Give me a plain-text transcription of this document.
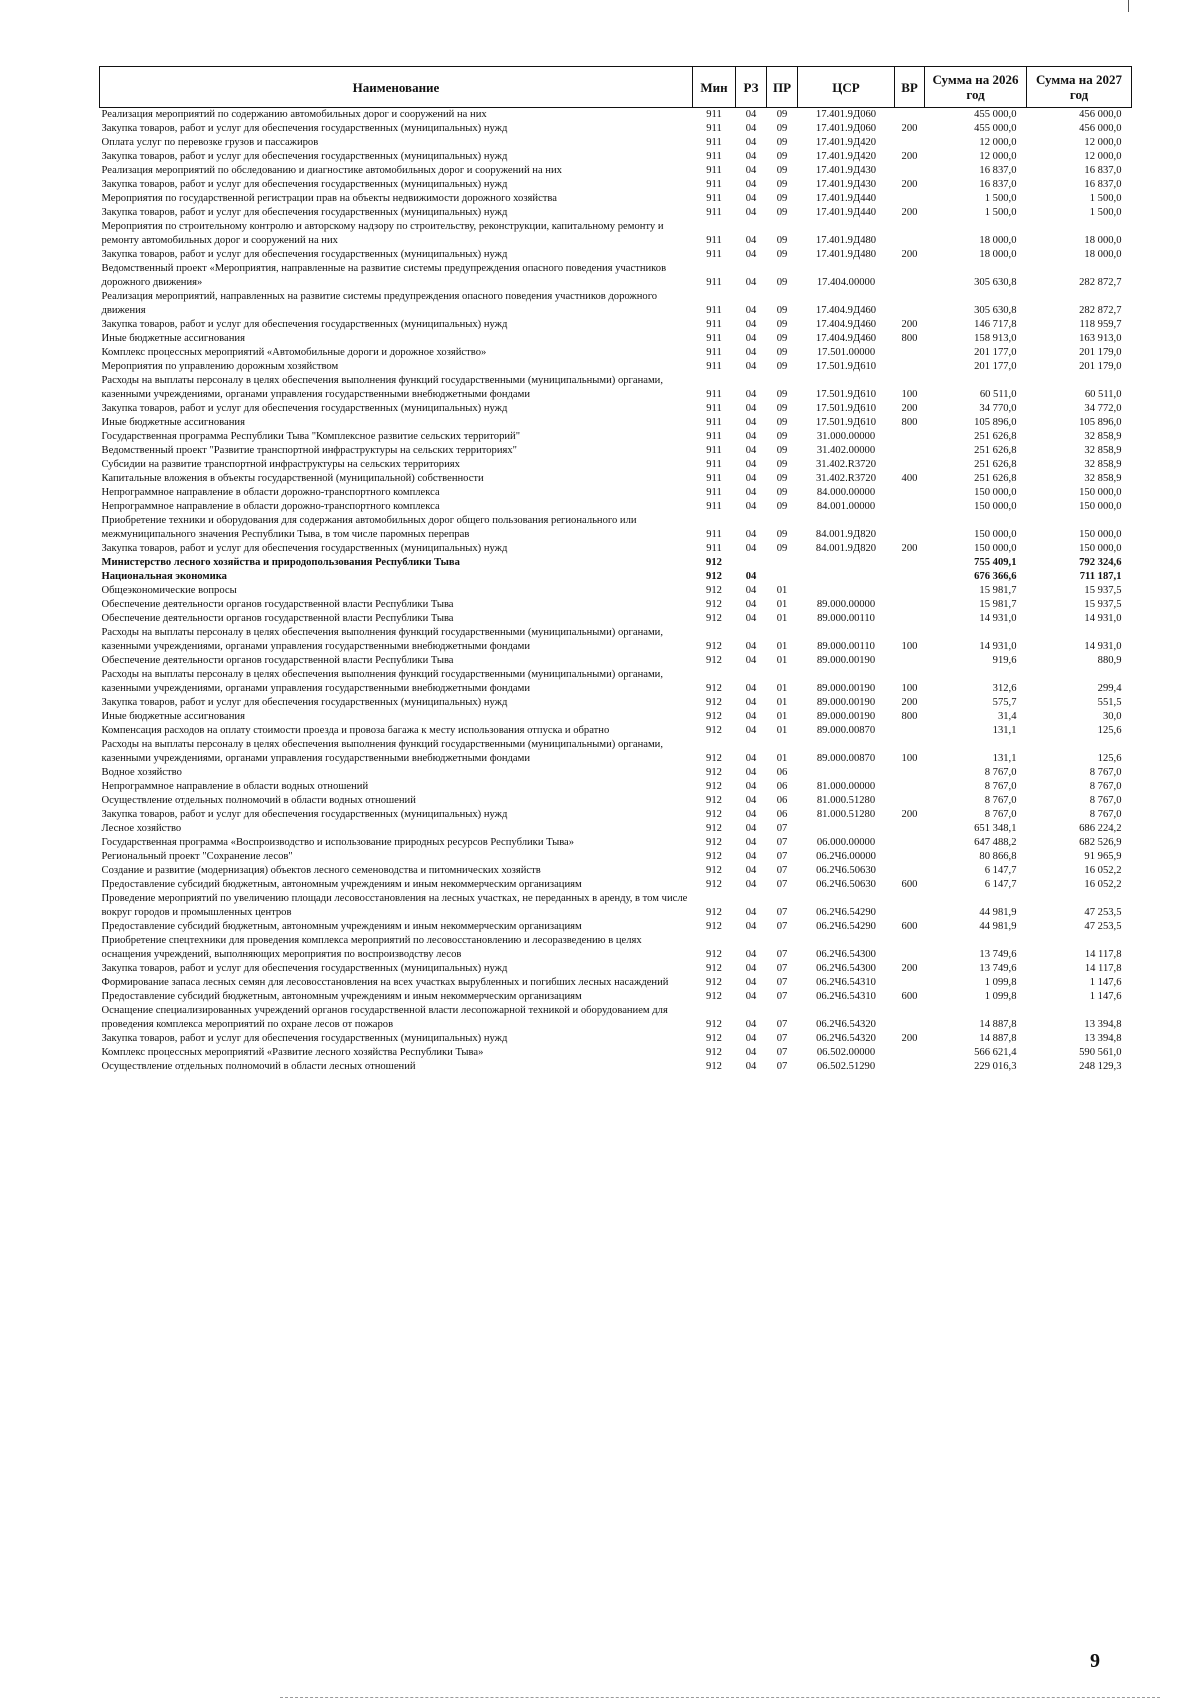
Наименование	Мин	РЗ	ПР	ЦСР	ВР	Сумма на 2026 год	Сумма на 2027 год
Реализация мероприятий по содержанию автомобильных дорог и сооружений на них	911	04	09	17.401.9Д060		455 000,0	456 000,0
Закупка товаров, работ и услуг для обеспечения государственных (муниципальных) нужд	911	04	09	17.401.9Д060	200	455 000,0	456 000,0
Оплата услуг по перевозке грузов и пассажиров	911	04	09	17.401.9Д420		12 000,0	12 000,0
Закупка товаров, работ и услуг для обеспечения государственных (муниципальных) нужд	911	04	09	17.401.9Д420	200	12 000,0	12 000,0
Реализация мероприятий по обследованию и диагностике автомобильных дорог и сооружений на них	911	04	09	17.401.9Д430		16 837,0	16 837,0
Закупка товаров, работ и услуг для обеспечения государственных (муниципальных) нужд	911	04	09	17.401.9Д430	200	16 837,0	16 837,0
Мероприятия по государственной регистрации прав на объекты недвижимости дорожного хозяйства	911	04	09	17.401.9Д440		1 500,0	1 500,0
Закупка товаров, работ и услуг для обеспечения государственных (муниципальных) нужд	911	04	09	17.401.9Д440	200	1 500,0	1 500,0
Мероприятия по строительному контролю и авторскому надзору по строительству, реконструкции, капитальному ремонту и ремонту автомобильных дорог и сооружений на них	911	04	09	17.401.9Д480		18 000,0	18 000,0
Закупка товаров, работ и услуг для обеспечения государственных (муниципальных) нужд	911	04	09	17.401.9Д480	200	18 000,0	18 000,0
Ведомственный проект «Мероприятия, направленные на развитие системы предупреждения опасного поведения участников дорожного движения»	911	04	09	17.404.00000		305 630,8	282 872,7
Реализация мероприятий, направленных на развитие системы предупреждения опасного поведения участников дорожного движения	911	04	09	17.404.9Д460		305 630,8	282 872,7
Закупка товаров, работ и услуг для обеспечения государственных (муниципальных) нужд	911	04	09	17.404.9Д460	200	146 717,8	118 959,7
Иные бюджетные ассигнования	911	04	09	17.404.9Д460	800	158 913,0	163 913,0
Комплекс процессных мероприятий «Автомобильные дороги и дорожное хозяйство»	911	04	09	17.501.00000		201 177,0	201 179,0
Мероприятия по управлению дорожным хозяйством	911	04	09	17.501.9Д610		201 177,0	201 179,0
Расходы на выплаты персоналу в целях обеспечения выполнения функций государственными (муниципальными) органами, казенными учреждениями, органами управления государственными внебюджетными фондами	911	04	09	17.501.9Д610	100	60 511,0	60 511,0
Закупка товаров, работ и услуг для обеспечения государственных (муниципальных) нужд	911	04	09	17.501.9Д610	200	34 770,0	34 772,0
Иные бюджетные ассигнования	911	04	09	17.501.9Д610	800	105 896,0	105 896,0
Государственная программа Республики Тыва "Комплексное развитие сельских территорий"	911	04	09	31.000.00000		251 626,8	32 858,9
Ведомственный проект "Развитие транспортной инфраструктуры на сельских территориях"	911	04	09	31.402.00000		251 626,8	32 858,9
Субсидии на развитие транспортной инфраструктуры на сельских территориях	911	04	09	31.402.R3720		251 626,8	32 858,9
Капитальные вложения в объекты государственной (муниципальной) собственности	911	04	09	31.402.R3720	400	251 626,8	32 858,9
Непрограммное направление в области дорожно-транспортного комплекса	911	04	09	84.000.00000		150 000,0	150 000,0
Непрограммное направление в области дорожно-транспортного комплекса	911	04	09	84.001.00000		150 000,0	150 000,0
Приобретение техники и оборудования для содержания автомобильных дорог общего пользования регионального или межмуниципального значения Республики Тыва, в том числе паромных переправ	911	04	09	84.001.9Д820		150 000,0	150 000,0
Закупка товаров, работ и услуг для обеспечения государственных (муниципальных) нужд	911	04	09	84.001.9Д820	200	150 000,0	150 000,0
Министерство лесного хозяйства и природопользования Республики Тыва	912					755 409,1	792 324,6
Национальная экономика	912	04				676 366,6	711 187,1
Общеэкономические вопросы	912	04	01			15 981,7	15 937,5
Обеспечение деятельности органов государственной власти Республики Тыва	912	04	01	89.000.00000		15 981,7	15 937,5
Обеспечение деятельности органов государственной власти Республики Тыва	912	04	01	89.000.00110		14 931,0	14 931,0
Расходы на выплаты персоналу в целях обеспечения выполнения функций государственными (муниципальными) органами, казенными учреждениями, органами управления государственными внебюджетными фондами	912	04	01	89.000.00110	100	14 931,0	14 931,0
Обеспечение деятельности органов государственной власти Республики Тыва	912	04	01	89.000.00190		919,6	880,9
Расходы на выплаты персоналу в целях обеспечения выполнения функций государственными (муниципальными) органами, казенными учреждениями, органами управления государственными внебюджетными фондами	912	04	01	89.000.00190	100	312,6	299,4
Закупка товаров, работ и услуг для обеспечения государственных (муниципальных) нужд	912	04	01	89.000.00190	200	575,7	551,5
Иные бюджетные ассигнования	912	04	01	89.000.00190	800	31,4	30,0
Компенсация расходов на оплату стоимости проезда и провоза багажа к месту использования отпуска и обратно	912	04	01	89.000.00870		131,1	125,6
Расходы на выплаты персоналу в целях обеспечения выполнения функций государственными (муниципальными) органами, казенными учреждениями, органами управления государственными внебюджетными фондами	912	04	01	89.000.00870	100	131,1	125,6
Водное хозяйство	912	04	06			8 767,0	8 767,0
Непрограммное направление в области водных отношений	912	04	06	81.000.00000		8 767,0	8 767,0
Осуществление отдельных полномочий в области водных отношений	912	04	06	81.000.51280		8 767,0	8 767,0
Закупка товаров, работ и услуг для обеспечения государственных (муниципальных) нужд	912	04	06	81.000.51280	200	8 767,0	8 767,0
Лесное хозяйство	912	04	07			651 348,1	686 224,2
Государственная программа «Воспроизводство и использование природных ресурсов Республики Тыва»	912	04	07	06.000.00000		647 488,2	682 526,9
Региональный проект "Сохранение лесов"	912	04	07	06.2Ч6.00000		80 866,8	91 965,9
Создание и развитие (модернизация) объектов лесного семеноводства и питомнических хозяйств	912	04	07	06.2Ч6.50630		6 147,7	16 052,2
Предоставление субсидий бюджетным, автономным учреждениям и иным некоммерческим организациям	912	04	07	06.2Ч6.50630	600	6 147,7	16 052,2
Проведение мероприятий по увеличению площади лесовосстановления на лесных участках, не переданных в аренду, в том числе вокруг городов и промышленных центров	912	04	07	06.2Ч6.54290		44 981,9	47 253,5
Предоставление субсидий бюджетным, автономным учреждениям и иным некоммерческим организациям	912	04	07	06.2Ч6.54290	600	44 981,9	47 253,5
Приобретение спецтехники для проведения комплекса мероприятий по лесовосстановлению и лесоразведению в целях оснащения учреждений, выполняющих мероприятия по воспроизводству лесов	912	04	07	06.2Ч6.54300		13 749,6	14 117,8
Закупка товаров, работ и услуг для обеспечения государственных (муниципальных) нужд	912	04	07	06.2Ч6.54300	200	13 749,6	14 117,8
Формирование запаса лесных семян для лесовосстановления на всех участках вырубленных и погибших лесных насаждений	912	04	07	06.2Ч6.54310		1 099,8	1 147,6
Предоставление субсидий бюджетным, автономным учреждениям и иным некоммерческим организациям	912	04	07	06.2Ч6.54310	600	1 099,8	1 147,6
Оснащение специализированных учреждений органов государственной власти лесопожарной техникой и оборудованием для проведения комплекса мероприятий по охране лесов от пожаров	912	04	07	06.2Ч6.54320		14 887,8	13 394,8
Закупка товаров, работ и услуг для обеспечения государственных (муниципальных) нужд	912	04	07	06.2Ч6.54320	200	14 887,8	13 394,8
Комплекс процессных мероприятий «Развитие лесного хозяйства Республики Тыва»	912	04	07	06.502.00000		566 621,4	590 561,0
Осуществление отдельных полномочий в области лесных отношений	912	04	07	06.502.51290		229 016,3	248 129,3
9
